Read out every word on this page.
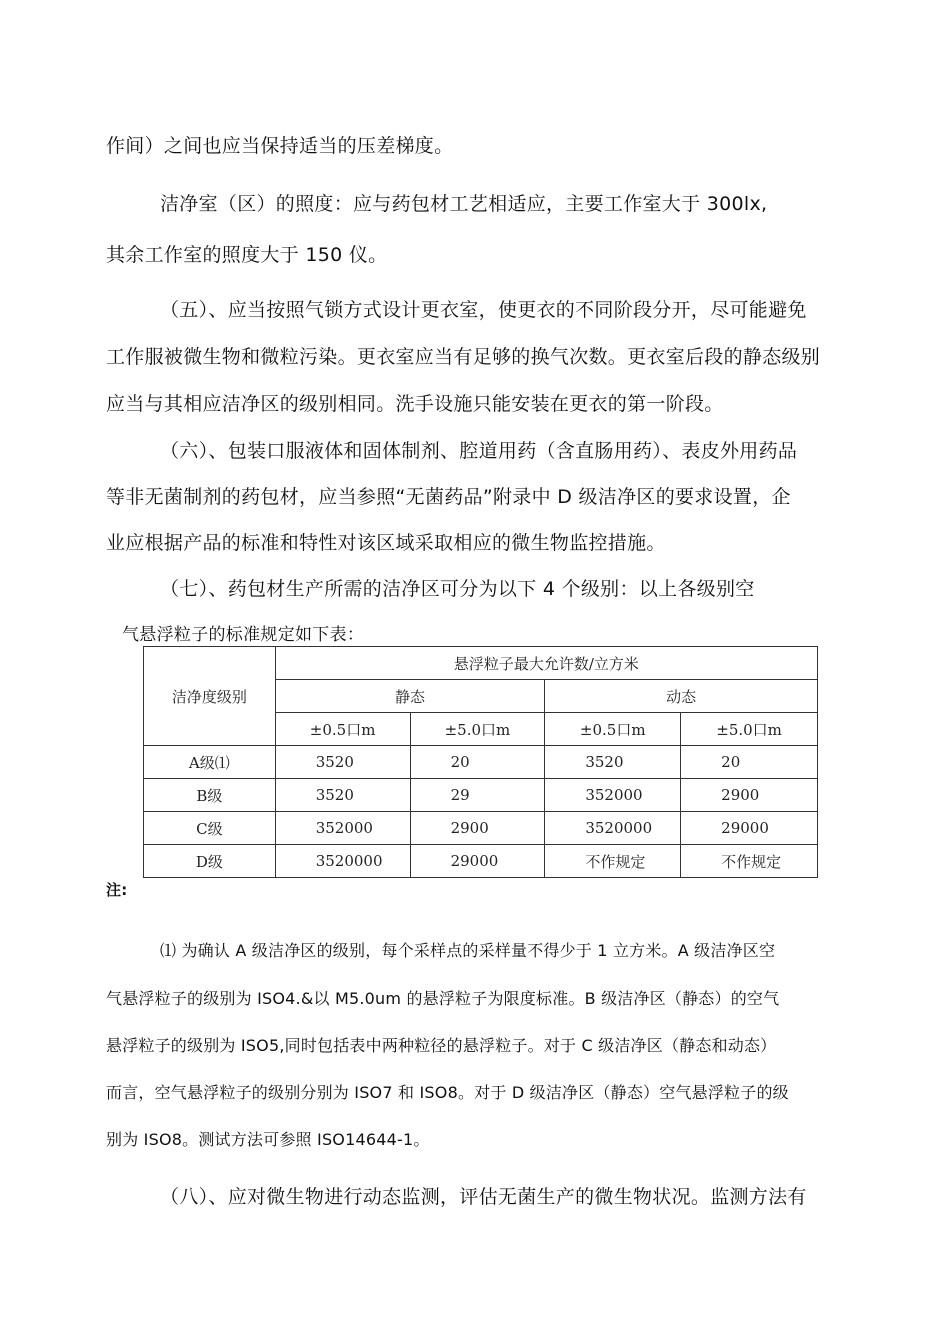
作间）之间也应当保持适当的压差梯度。

洁净室（区）的照度：应与药包材工艺相适应，主要工作室大于 300lx,

其余工作室的照度大于 150 仪。

（五）、应当按照气锁方式设计更衣室，使更衣的不同阶段分开，尽可能避免

工作服被微生物和微粒污染。更衣室应当有足够的换气次数。更衣室后段的静态级别

应当与其相应洁净区的级别相同。洗手设施只能安装在更衣的第一阶段。

（六）、包装口服液体和固体制剂、腔道用药（含直肠用药）、表皮外用药品

等非无菌制剂的药包材，应当参照“无菌药品”附录中 D 级洁净区的要求设置，企

业应根据产品的标准和特性对该区域采取相应的微生物监控措施。

（七）、药包材生产所需的洁净区可分为以下 4 个级别：以上各级别空

气悬浮粒子的标准规定如下表：

洁净度级别	悬浮粒子最大允许数/立方米			
	静态		动态	
	±0.5口m	±5.0口m	±0.5口m	±5.0口m
A级⑴	3520	20	3520	20
B级	3520	29	352000	2900
C级	352000	2900	3520000	29000
D级	3520000	29000	不作规定	不作规定

注:

⑴ 为确认 A 级洁净区的级别，每个采样点的采样量不得少于 1 立方米。A 级洁净区空

气悬浮粒子的级别为 ISO4.&以 M5.0um 的悬浮粒子为限度标准。B 级洁净区（静态）的空气

悬浮粒子的级别为 ISO5,同时包括表中两种粒径的悬浮粒子。对于 C 级洁净区（静态和动态）

而言，空气悬浮粒子的级别分别为 ISO7 和 ISO8。对于 D 级洁净区（静态）空气悬浮粒子的级

别为 ISO8。测试方法可参照 ISO14644-1。

（八）、应对微生物进行动态监测，评估无菌生产的微生物状况。监测方法有
